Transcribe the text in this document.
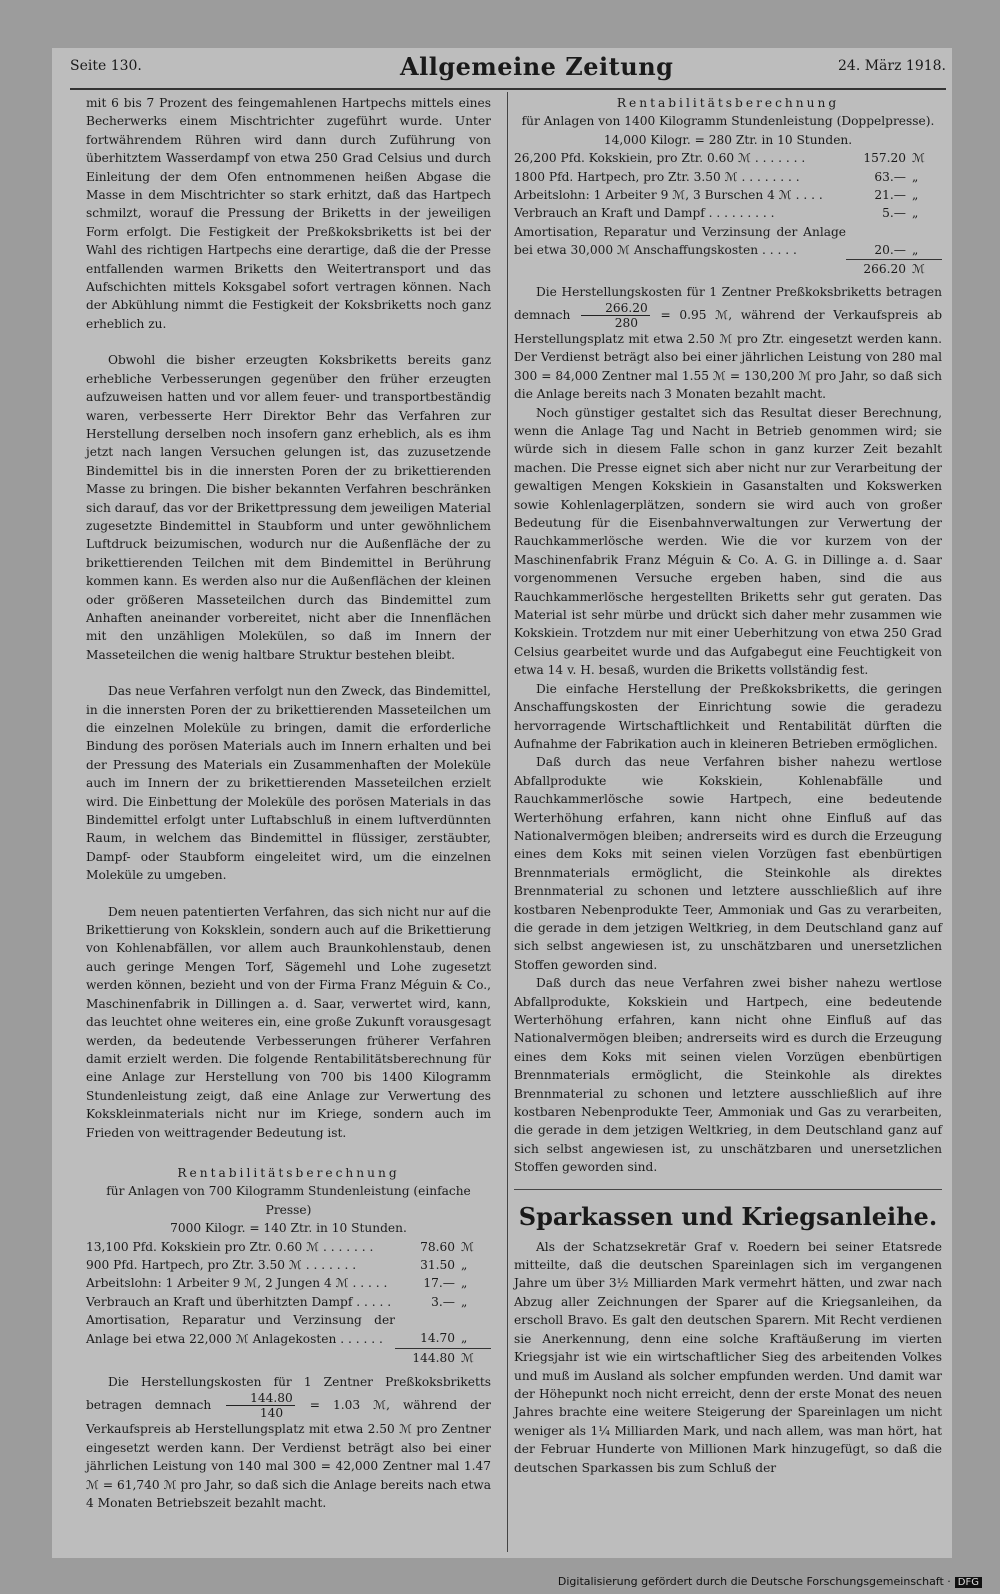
Seite 130.	Allgemeine Zeitung	24. März 1918.

mit 6 bis 7 Prozent des feingemahlenen Hartpechs mittels eines Becherwerks einem Mischtrichter zugeführt wurde. Unter fortwährendem Rühren wird dann durch Zuführung von überhitztem Wasserdampf von etwa 250 Grad Celsius und durch Einleitung der dem Ofen entnommenen heißen Abgase die Masse in dem Mischtrichter so stark erhitzt, daß das Hartpech schmilzt, worauf die Pressung der Briketts in der jeweiligen Form erfolgt. Die Festigkeit der Preßkoksbriketts ist bei der Wahl des richtigen Hartpechs eine derartige, daß die der Presse entfallenden warmen Briketts den Weitertransport und das Aufschichten mittels Koksgabel sofort vertragen können. Nach der Abkühlung nimmt die Festigkeit der Koksbriketts noch ganz erheblich zu.

Obwohl die bisher erzeugten Koksbriketts bereits ganz erhebliche Verbesserungen gegenüber den früher erzeugten aufzuweisen hatten und vor allem feuer- und transportbeständig waren, verbesserte Herr Direktor Behr das Verfahren zur Herstellung derselben noch insofern ganz erheblich, als es ihm jetzt nach langen Versuchen gelungen ist, das zuzusetzende Bindemittel bis in die innersten Poren der zu brikettierenden Masse zu bringen. Die bisher bekannten Verfahren beschränken sich darauf, das vor der Brikettpressung dem jeweiligen Material zugesetzte Bindemittel in Staubform und unter gewöhnlichem Luftdruck beizumischen, wodurch nur die Außenfläche der zu brikettierenden Teilchen mit dem Bindemittel in Berührung kommen kann. Es werden also nur die Außenflächen der kleinen oder größeren Masseteilchen durch das Bindemittel zum Anhaften aneinander vorbereitet, nicht aber die Innenflächen mit den unzähligen Molekülen, so daß im Innern der Masseteilchen die wenig haltbare Struktur bestehen bleibt.

Das neue Verfahren verfolgt nun den Zweck, das Bindemittel, in die innersten Poren der zu brikettierenden Masseteilchen um die einzelnen Moleküle zu bringen, damit die erforderliche Bindung des porösen Materials auch im Innern erhalten und bei der Pressung des Materials ein Zusammenhaften der Moleküle auch im Innern der zu brikettierenden Masseteilchen erzielt wird. Die Einbettung der Moleküle des porösen Materials in das Bindemittel erfolgt unter Luftabschluß in einem luftverdünnten Raum, in welchem das Bindemittel in flüssiger, zerstäubter, Dampf- oder Staubform eingeleitet wird, um die einzelnen Moleküle zu umgeben.

Dem neuen patentierten Verfahren, das sich nicht nur auf die Brikettierung von Koksklein, sondern auch auf die Brikettierung von Kohlenabfällen, vor allem auch Braunkohlenstaub, denen auch geringe Mengen Torf, Sägemehl und Lohe zugesetzt werden können, bezieht und von der Firma Franz Méguin & Co., Maschinenfabrik in Dillingen a. d. Saar, verwertet wird, kann, das leuchtet ohne weiteres ein, eine große Zukunft vorausgesagt werden, da bedeutende Verbesserungen früherer Verfahren damit erzielt werden. Die folgende Rentabilitätsberechnung für eine Anlage zur Herstellung von 700 bis 1400 Kilogramm Stundenleistung zeigt, daß eine Anlage zur Verwertung des Kokskleinmaterials nicht nur im Kriege, sondern auch im Frieden von weittragender Bedeutung ist.

Rentabilitätsberechnung
für Anlagen von 700 Kilogramm Stundenleistung (einfache Presse)
7000 Kilogr. = 140 Ztr. in 10 Stunden.
13,100 Pfd. Kokskiein pro Ztr. 0.60 ℳ . . . . . . .	78.60	ℳ
900 Pfd. Hartpech, pro Ztr. 3.50 ℳ . . . . . . .	31.50	„
Arbeitslohn: 1 Arbeiter 9 ℳ, 2 Jungen 4 ℳ . . . . .	17.—	„
Verbrauch an Kraft und überhitzten Dampf . . . . .	3.—	„
Amortisation, Reparatur und Verzinsung der Anlage bei etwa 22,000 ℳ Anlagekosten . . . . . .	14.70	„
	144.80	ℳ

Die Herstellungskosten für 1 Zentner Preßkoksbriketts betragen demnach $\frac{144.80}{140} = 1.03$ ℳ, während der Verkaufspreis ab Herstellungsplatz mit etwa 2.50 ℳ pro Zentner eingesetzt werden kann. Der Verdienst beträgt also bei einer jährlichen Leistung von 140 mal 300 = 42,000 Zentner mal 1.47 ℳ = 61,740 ℳ pro Jahr, so daß sich die Anlage bereits nach etwa 4 Monaten Betriebszeit bezahlt macht.

Rentabilitätsberechnung
für Anlagen von 1400 Kilogramm Stundenleistung (Doppelpresse).
14,000 Kilogr. = 280 Ztr. in 10 Stunden.
26,200 Pfd. Kokskiein, pro Ztr. 0.60 ℳ . . . . . . .	157.20	ℳ
1800 Pfd. Hartpech, pro Ztr. 3.50 ℳ . . . . . . . .	63.—	„
Arbeitslohn: 1 Arbeiter 9 ℳ, 3 Burschen 4 ℳ . . . .	21.—	„
Verbrauch an Kraft und Dampf . . . . . . . . .	5.—	„
Amortisation, Reparatur und Verzinsung der Anlage bei etwa 30,000 ℳ Anschaffungskosten . . . . .	20.—	„
	266.20	ℳ

Die Herstellungskosten für 1 Zentner Preßkoksbriketts betragen demnach $\frac{266.20}{280} = 0.95$ ℳ, während der Verkaufspreis ab Herstellungsplatz mit etwa 2.50 ℳ pro Ztr. eingesetzt werden kann. Der Verdienst beträgt also bei einer jährlichen Leistung von 280 mal 300 = 84,000 Zentner mal 1.55 ℳ = 130,200 ℳ pro Jahr, so daß sich die Anlage bereits nach 3 Monaten bezahlt macht.

Noch günstiger gestaltet sich das Resultat dieser Berechnung, wenn die Anlage Tag und Nacht in Betrieb genommen wird; sie würde sich in diesem Falle schon in ganz kurzer Zeit bezahlt machen. Die Presse eignet sich aber nicht nur zur Verarbeitung der gewaltigen Mengen Kokskiein in Gasanstalten und Kokswerken sowie Kohlenlagerplätzen, sondern sie wird auch von großer Bedeutung für die Eisenbahnverwaltungen zur Verwertung der Rauchkammerlösche werden. Wie die vor kurzem von der Maschinenfabrik Franz Méguin & Co. A. G. in Dillinge a. d. Saar vorgenommenen Versuche ergeben haben, sind die aus Rauchkammerlösche hergestellten Briketts sehr gut geraten. Das Material ist sehr mürbe und drückt sich daher mehr zusammen wie Kokskiein. Trotzdem nur mit einer Ueberhitzung von etwa 250 Grad Celsius gearbeitet wurde und das Aufgabegut eine Feuchtigkeit von etwa 14 v. H. besaß, wurden die Briketts vollständig fest.

Die einfache Herstellung der Preßkoksbriketts, die geringen Anschaffungskosten der Einrichtung sowie die geradezu hervorragende Wirtschaftlichkeit und Rentabilität dürften die Aufnahme der Fabrikation auch in kleineren Betrieben ermöglichen.

Daß durch das neue Verfahren bisher nahezu wertlose Abfallprodukte wie Kokskiein, Kohlenabfälle und Rauchkammerlösche sowie Hartpech, eine bedeutende Werterhöhung erfahren, kann nicht ohne Einfluß auf das Nationalvermögen bleiben; andrerseits wird es durch die Erzeugung eines dem Koks mit seinen vielen Vorzügen fast ebenbürtigen Brennmaterials ermöglicht, die Steinkohle als direktes Brennmaterial zu schonen und letztere ausschließlich auf ihre kostbaren Nebenprodukte Teer, Ammoniak und Gas zu verarbeiten, die gerade in dem jetzigen Weltkrieg, in dem Deutschland ganz auf sich selbst angewiesen ist, zu unschätzbaren und unersetzlichen Stoffen geworden sind.

Daß durch das neue Verfahren zwei bisher nahezu wertlose Abfallprodukte, Kokskiein und Hartpech, eine bedeutende Werterhöhung erfahren, kann nicht ohne Einfluß auf das Nationalvermögen bleiben; andrerseits wird es durch die Erzeugung eines dem Koks mit seinen vielen Vorzügen ebenbürtigen Brennmaterials ermöglicht, die Steinkohle als direktes Brennmaterial zu schonen und letztere ausschließlich auf ihre kostbaren Nebenprodukte Teer, Ammoniak und Gas zu verarbeiten, die gerade in dem jetzigen Weltkrieg, in dem Deutschland ganz auf sich selbst angewiesen ist, zu unschätzbaren und unersetzlichen Stoffen geworden sind.

Sparkassen und Kriegsanleihe.

Als der Schatzsekretär Graf v. Roedern bei seiner Etatsrede mitteilte, daß die deutschen Spareinlagen sich im vergangenen Jahre um über 3½ Milliarden Mark vermehrt hätten, und zwar nach Abzug aller Zeichnungen der Sparer auf die Kriegsanleihen, da erscholl Bravo. Es galt den deutschen Sparern. Mit Recht verdienen sie Anerkennung, denn eine solche Kraftäußerung im vierten Kriegsjahr ist wie ein wirtschaftlicher Sieg des arbeitenden Volkes und muß im Ausland als solcher empfunden werden. Und damit war der Höhepunkt noch nicht erreicht, denn der erste Monat des neuen Jahres brachte eine weitere Steigerung der Spareinlagen um nicht weniger als 1¼ Milliarden Mark, und nach allem, was man hört, hat der Februar Hunderte von Millionen Mark hinzugefügt, so daß die deutschen Sparkassen bis zum Schluß der

Digitalisierung gefördert durch die Deutsche Forschungsgemeinschaft · DFG
